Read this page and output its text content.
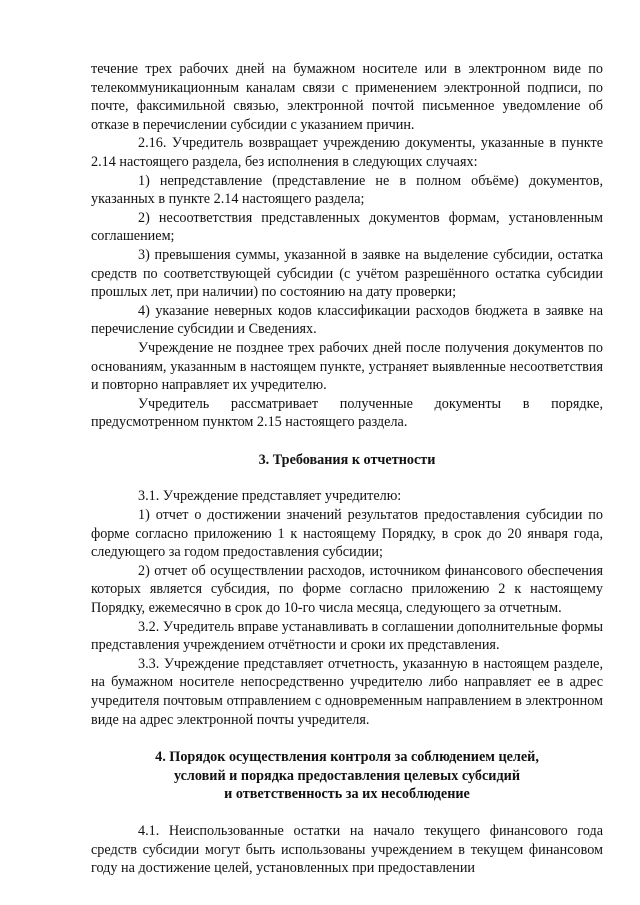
течение трех рабочих дней на бумажном носителе или в электронном виде по телекоммуникационным каналам связи с применением электронной подписи, по почте, факсимильной связью, электронной почтой письменное уведомление об отказе в перечислении субсидии с указанием причин.

2.16. Учредитель возвращает учреждению документы, указанные в пункте 2.14 настоящего раздела, без исполнения в следующих случаях:

1) непредставление (представление не в полном объёме) документов, указанных в пункте 2.14 настоящего раздела;

2) несоответствия представленных документов формам, установленным соглашением;

3) превышения суммы, указанной в заявке на выделение субсидии, остатка средств по соответствующей субсидии (с учётом разрешённого остатка субсидии прошлых лет, при наличии) по состоянию на дату проверки;

4) указание неверных кодов классификации расходов бюджета в заявке на перечисление субсидии и Сведениях.

Учреждение не позднее трех рабочих дней после получения документов по основаниям, указанным в настоящем пункте, устраняет выявленные несоответствия и повторно направляет их учредителю.

Учредитель рассматривает полученные документы в порядке, предусмотренном пунктом 2.15 настоящего раздела.

3. Требования к отчетности

3.1. Учреждение представляет учредителю:

1) отчет о достижении значений результатов предоставления субсидии по форме согласно приложению 1 к настоящему Порядку, в срок до 20 января года, следующего за годом предоставления субсидии;

2) отчет об осуществлении расходов, источником финансового обеспечения которых является субсидия, по форме согласно приложению 2 к настоящему Порядку, ежемесячно в срок до 10-го числа месяца, следующего за отчетным.

3.2. Учредитель вправе устанавливать в соглашении дополнительные формы представления учреждением отчётности и сроки их представления.

3.3. Учреждение представляет отчетность, указанную в настоящем разделе, на бумажном носителе непосредственно учредителю либо направляет ее в адрес учредителя почтовым отправлением с одновременным направлением в электронном виде на адрес электронной почты учредителя.

4. Порядок осуществления контроля за соблюдением целей,
условий и порядка предоставления целевых субсидий
и ответственность за их несоблюдение

4.1. Неиспользованные остатки на начало текущего финансового года средств субсидии могут быть использованы учреждением в текущем финансовом году на достижение целей, установленных при предоставлении
